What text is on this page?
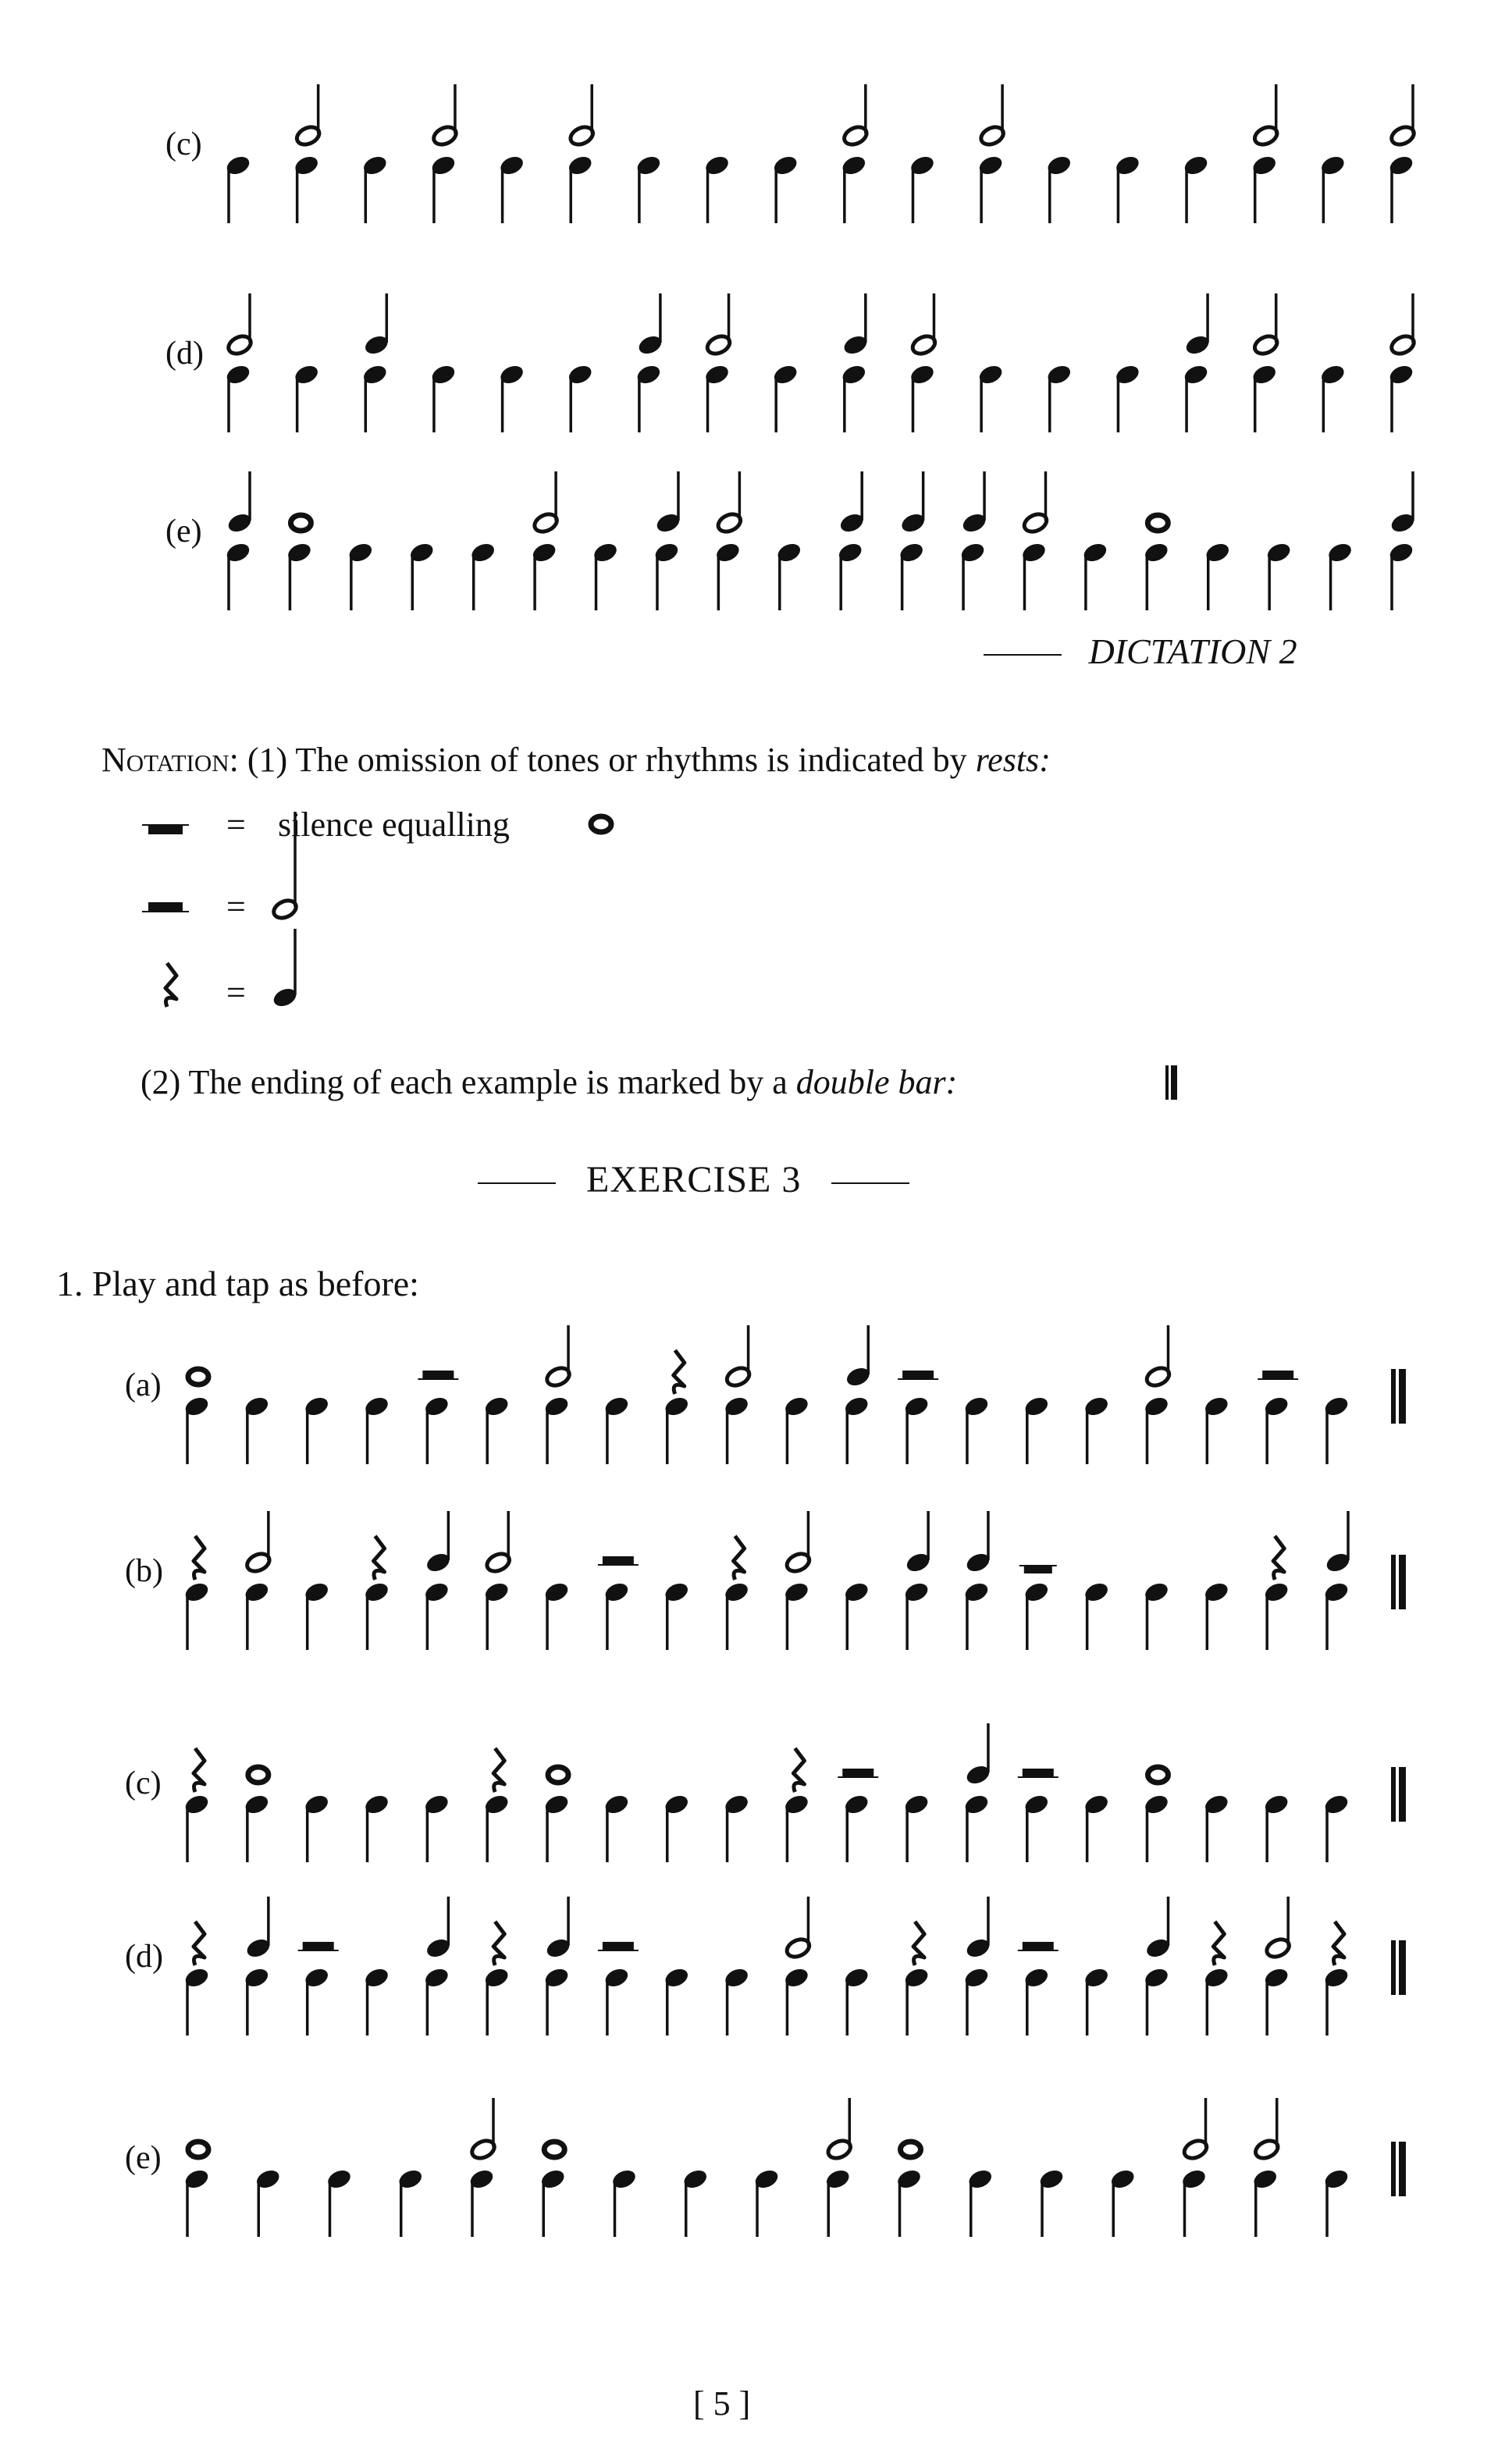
DICTATION 2
Notation: (1) The omission of tones or rhythms is indicated by rests:
= silence equalling
=
=
(2) The ending of each example is marked by a double bar:
EXERCISE 3
1. Play and tap as before:
[ 5 ]
(c)
(d)
(e)
(a)
(b)
(c)
(d)
(e)
